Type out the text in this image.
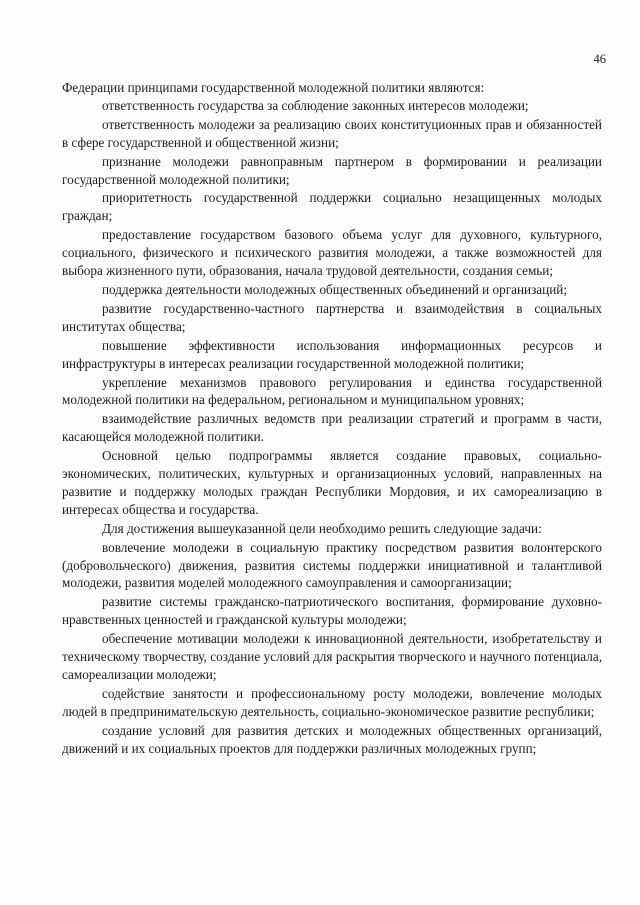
46

Федерации принципами государственной молодежной политики являются:

ответственность государства за соблюдение законных интересов молодежи;

ответственность молодежи за реализацию своих конституционных прав и обязанностей в сфере государственной и общественной жизни;

признание молодежи равноправным партнером в формировании и реализации государственной молодежной политики;

приоритетность государственной поддержки социально незащищенных молодых граждан;

предоставление государством базового объема услуг для духовного, культурного, социального, физического и психического развития молодежи, а также возможностей для выбора жизненного пути, образования, начала трудовой деятельности, создания семьи;

поддержка деятельности молодежных общественных объединений и организаций;

развитие государственно-частного партнерства и взаимодействия в социальных институтах общества;

повышение эффективности использования информационных ресурсов и инфраструктуры в интересах реализации государственной молодежной политики;

укрепление механизмов правового регулирования и единства государственной молодежной политики на федеральном, региональном и муниципальном уровнях;

взаимодействие различных ведомств при реализации стратегий и программ в части, касающейся молодежной политики.

Основной целью подпрограммы является создание правовых, социально-экономических, политических, культурных и организационных условий, направленных на развитие и поддержку молодых граждан Республики Мордовия, и их самореализацию в интересах общества и государства.

Для достижения вышеуказанной цели необходимо решить следующие задачи:

вовлечение молодежи в социальную практику посредством развития волонтерского (добровольческого) движения, развития системы поддержки инициативной и талантливой молодежи, развития моделей молодежного самоуправления и самоорганизации;

развитие системы гражданско-патриотического воспитания, формирование духовно-нравственных ценностей и гражданской культуры молодежи;

обеспечение мотивации молодежи к инновационной деятельности, изобретательству и техническому творчеству, создание условий для раскрытия творческого и научного потенциала, самореализации молодежи;

содействие занятости и профессиональному росту молодежи, вовлечение молодых людей в предпринимательскую деятельность, социально-экономическое развитие республики;

создание условий для развития детских и молодежных общественных организаций, движений и их социальных проектов для поддержки различных молодежных групп;
